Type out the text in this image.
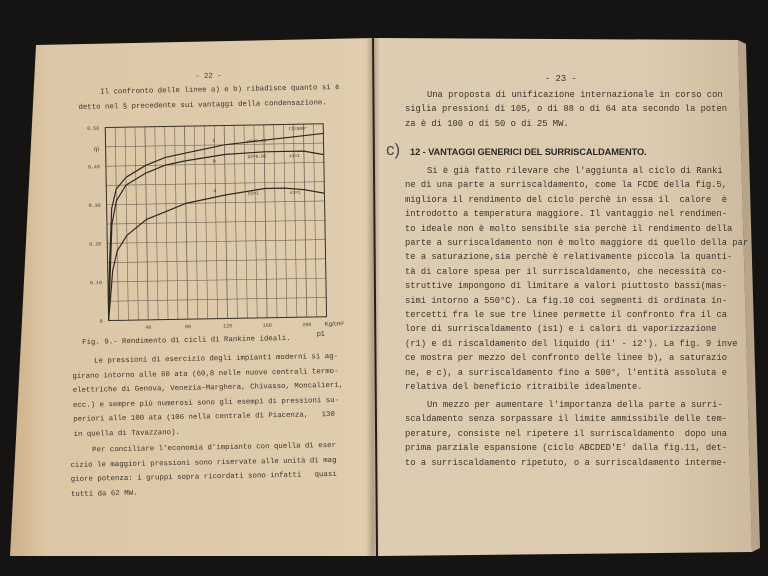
- 22 -
Il confronto delle linee a) e b) ribadisce quanto si è
detto nel § precedente sui vantaggi della condensazione.
0
0.10
0.20
0.30
0.40
0.50
40	80	120	160	200
p1
Kg/cm²
ηi
c	p2=0.05
t1=500°
b
p2=0.05	x1=1
a	p2=1	x1=1
Fig. 9.- Rendimento di cicli di Rankine ideali.
Le pressioni di esercizio degli impianti moderni si ag-
girano intorno alle 60 ata (60,8 nelle nuove centrali termo-
elettriche di Genova, Venezia-Marghera, Chivasso, Moncalieri,
ecc.) e sempre più numerosi sono gli esempi di pressioni su-
periori alle 100 ata (106 nella centrale di Piacenza,   130
in quella di Tavazzano).
Per conciliare l'economia d'impianto con quella di eser
cizio le maggiori pressioni sono riservate alle unità di mag
giore potenza: i gruppi sopra ricordati sono infatti   quasi
tutti da 62 MW.
- 23 -
Una proposta di unificazione internazionale in corso con
siglia pressioni di 105, o di 88 o di 64 ata secondo la poten
za è di 100 o di 50 o di 25 MW.
c) 12 - VANTAGGI GENERICI DEL SURRISCALDAMENTO.
Si è già fatto rilevare che l'aggiunta al ciclo di Ranki
ne di una parte a surriscaldamento, come la FCDE della fig.5,
migliora il rendimento del ciclo perchè in essa il  calore  è
introdotto a temperatura maggiore. Il vantaggio nel rendimen-
to ideale non è molto sensibile sia perchè il rendimento della
parte a surriscaldamento non è molto maggiore di quello della par
te a saturazione,sia perchè è relativamente piccola la quanti-
tà di calore spesa per il surriscaldamento, che necessità co-
struttive impongono di limitare a valori piuttosto bassi(mas-
simi intorno a 550°C). La fig.10 coi segmenti di ordinata in-
tercetti fra le sue tre linee permette il confronto fra il ca
lore di surriscaldamento (is1) e i calori di vaporizzazione
(r1) e di riscaldamento del liquido (i1' - i2'). La fig. 9 inve
ce mostra per mezzo del confronto delle linee b), a saturazio
ne, e c), a surriscaldamento fino a 500°, l'entità assoluta e
relativa del beneficio ritraibile idealmente.
Un mezzo per aumentare l'importanza della parte a surri-
scaldamento senza sorpassare il limite ammissibile delle tem-
perature, consiste nel ripetere il surriscaldamento  dopo una
prima parziale espansione (ciclo ABCDED'E' dalla fig.11, det-
to a surriscaldamento ripetuto, o a surriscaldamento interme-
